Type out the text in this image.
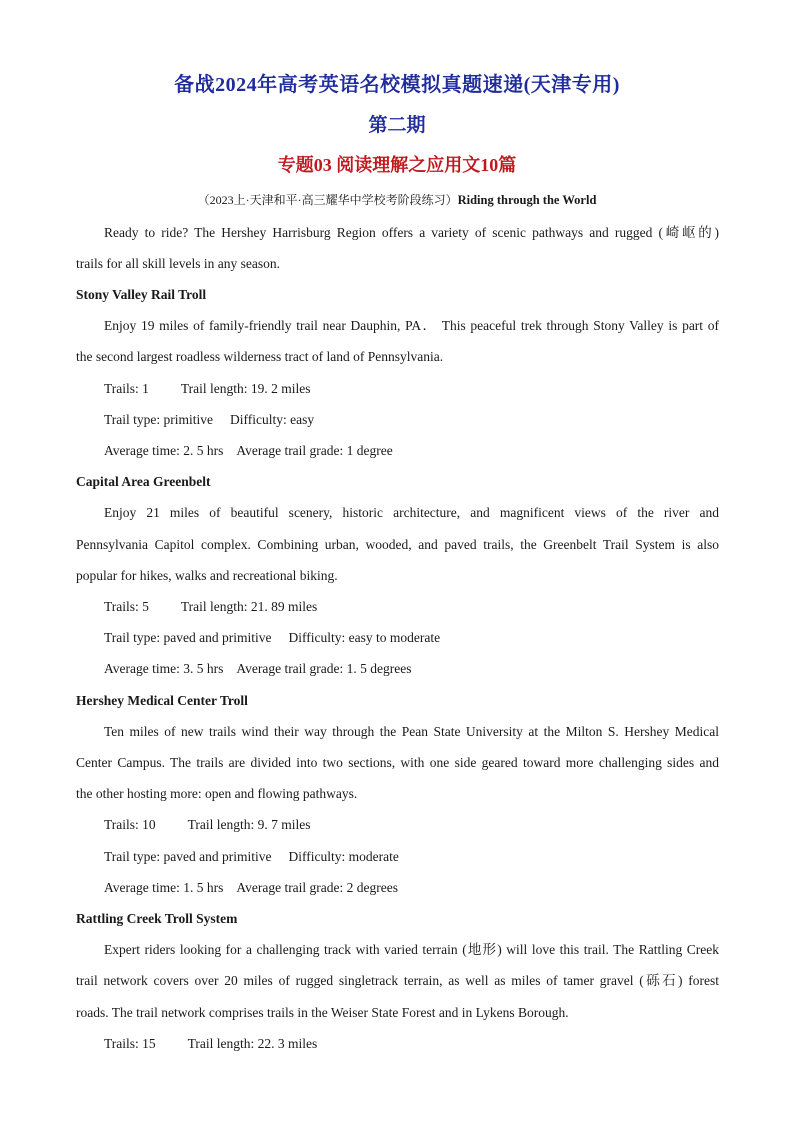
备战2024年高考英语名校模拟真题速递(天津专用)
第二期
专题03 阅读理解之应用文10篇
（2023上·天津和平·高三耀华中学校考阶段练习）Riding through the World
Ready to ride? The Hershey Harrisburg Region offers a variety of scenic pathways and rugged (崎岖的)
trails for all skill levels in any season.
Stony Valley Rail Troll
Enjoy 19 miles of family-friendly trail near Dauphin, PA． This peaceful trek through Stony Valley is part of
the second largest roadless wilderness tract of land of Pennsylvania.
Trails: 1 Trail length: 19. 2 miles
Trail type: primitive Difficulty: easy
Average time: 2. 5 hrs Average trail grade: 1 degree
Capital Area Greenbelt
Enjoy 21 miles of beautiful scenery, historic architecture, and magnificent views of the river and
Pennsylvania Capitol complex. Combining urban, wooded, and paved trails, the Greenbelt Trail System is also
popular for hikes, walks and recreational biking.
Trails: 5 Trail length: 21. 89 miles
Trail type: paved and primitive Difficulty: easy to moderate
Average time: 3. 5 hrs Average trail grade: 1. 5 degrees
Hershey Medical Center Troll
Ten miles of new trails wind their way through the Pean State University at the Milton S. Hershey Medical
Center Campus. The trails are divided into two sections, with one side geared toward more challenging sides and
the other hosting more: open and flowing pathways.
Trails: 10 Trail length: 9. 7 miles
Trail type: paved and primitive Difficulty: moderate
Average time: 1. 5 hrs Average trail grade: 2 degrees
Rattling Creek Troll System
Expert riders looking for a challenging track with varied terrain (地形) will love this trail. The Rattling Creek
trail network covers over 20 miles of rugged singletrack terrain, as well as miles of tamer gravel (砾石) forest
roads. The trail network comprises trails in the Weiser State Forest and in Lykens Borough.
Trails: 15 Trail length: 22. 3 miles
